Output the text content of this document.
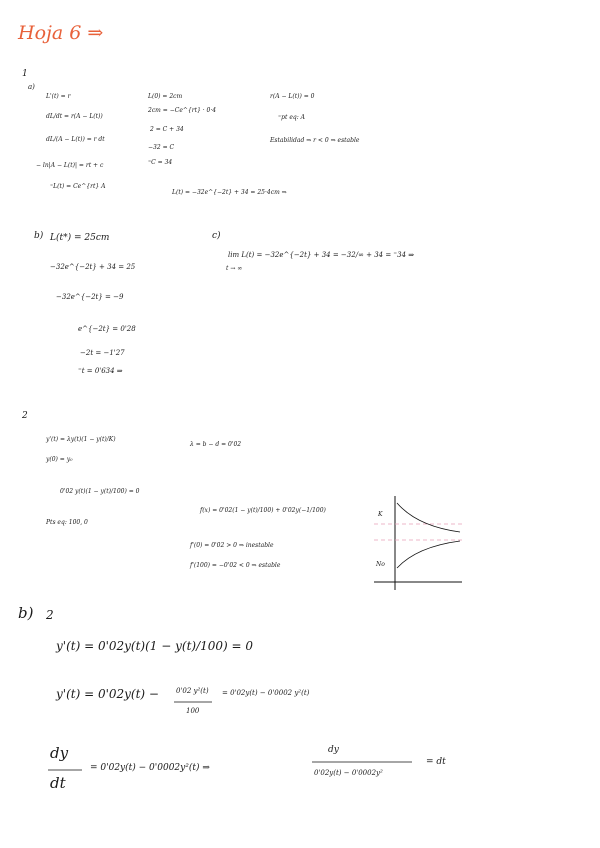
Hoja 6 ⇒
1
a)
L'(t) = r
dL/dt = r(A − L(t))
dL/(A − L(t)) = r dt
− ln|A − L(t)| = rt + c
⁼L(t) = Ce^{rt} A
L(0) = 2cm
2cm = −Ce^{rt} · 0·4
2 = C + 34
−32 = C
⁼C = 34
r(A − L(t)) = 0
⁼pt eq: A
Estabilidad ⇒ r < 0 ⇒ estable
L(t) = −32e^{−2t} + 34 = 25·4cm ⇒
b) L(t*) = 25cm
−32e^{−2t} + 34 = 25
−32e^{−2t} = −9
e^{−2t} = 0'28
−2t = −1'27
⁼t = 0'634 ⇒
c)
lim L(t) = −32e^{−2t} + 34 = −32/∞ + 34 = ⁼34 ⇒
t → ∞
2
y'(t) = λy(t)(1 − y(t)/K)
y(0) = y₀
λ = b − d = 0'02
0'02 y(t)(1 − y(t)/100) = 0
Pts eq: 100, 0
f(x) = 0'02(1 − y(t)/100) + 0'02y(−1/100)
f'(0) = 0'02 > 0 ⇒ inestable
f'(100) = −0'02 < 0 ⇒ estable
K
No
b) 2
y'(t) = 0'02y(t)(1 − y(t)/100) = 0
y'(t) = 0'02y(t) − 0'02 y²(t)
100
= 0'02y(t) − 0'0002 y²(t)
dy
dt
= 0'02y(t) − 0'0002y²(t) ⇒
dy
0'02y(t) − 0'0002y²
= dt
